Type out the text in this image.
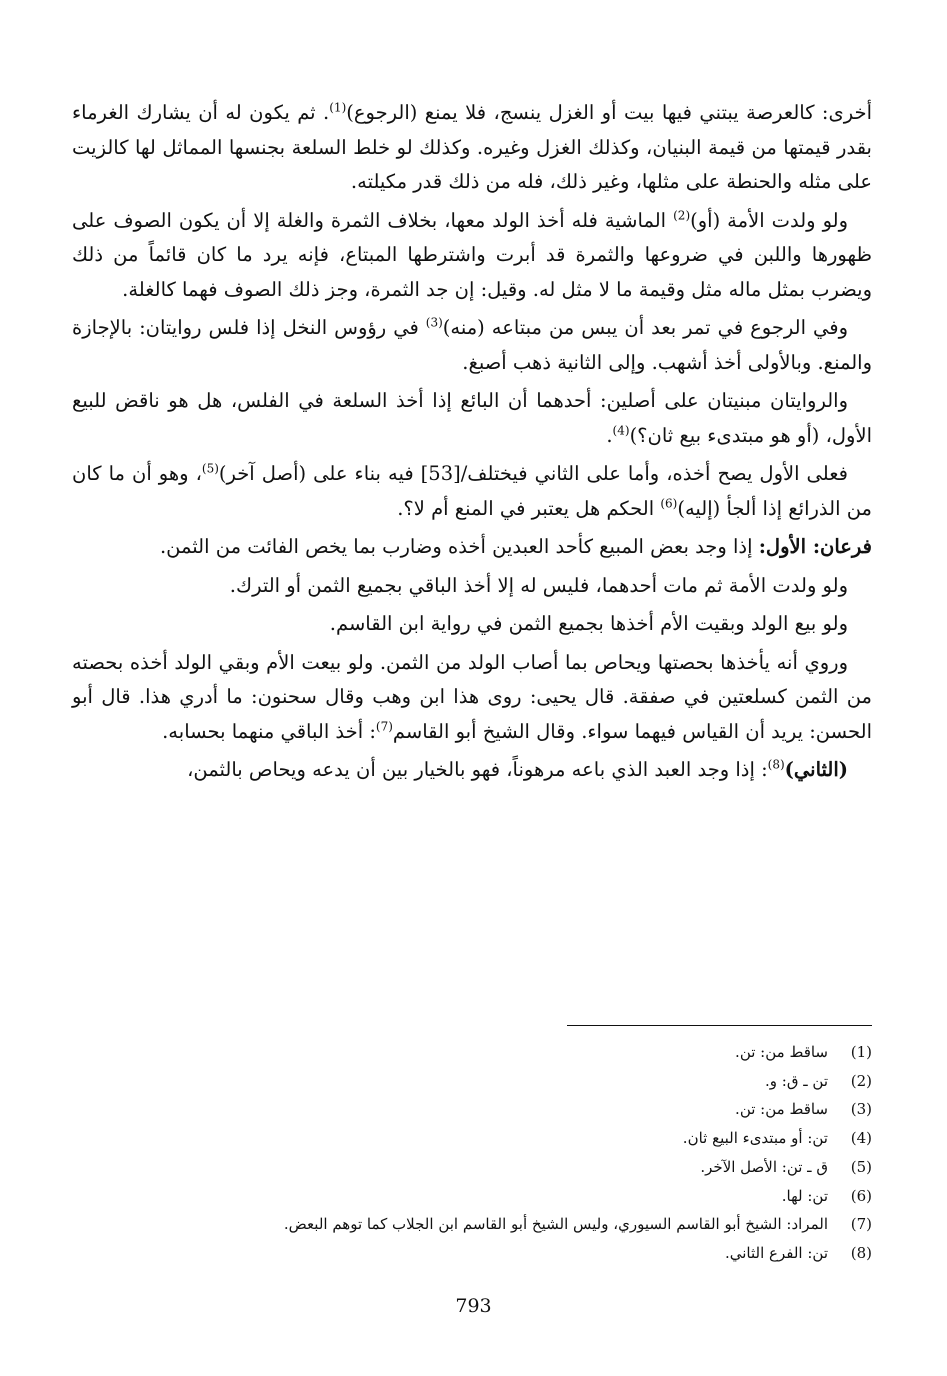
أخرى: كالعرصة يبتني فيها بيت أو الغزل ينسج، فلا يمنع (الرجوع)$^{(1)}$. ثم يكون له أن يشارك الغرماء بقدر قيمتها من قيمة البنيان، وكذلك الغزل وغيره. وكذلك لو خلط السلعة بجنسها المماثل لها كالزيت على مثله والحنطة على مثلها، وغير ذلك، فله من ذلك قدر مكيلته.

ولو ولدت الأمة (أو)$^{(2)}$ الماشية فله أخذ الولد معها، بخلاف الثمرة والغلة إلا أن يكون الصوف على ظهورها واللبن في ضروعها والثمرة قد أبرت واشترطها المبتاع، فإنه يرد ما كان قائماً من ذلك ويضرب بمثل ماله مثل وقيمة ما لا مثل له. وقيل: إن جد الثمرة، وجز ذلك الصوف فهما كالغلة.

وفي الرجوع في تمر بعد أن يبس من مبتاعه (منه)$^{(3)}$ في رؤوس النخل إذا فلس روايتان: بالإجازة والمنع. وبالأولى أخذ أشهب. وإلى الثانية ذهب أصبغ.

والروايتان مبنيتان على أصلين: أحدهما أن البائع إذا أخذ السلعة في الفلس، هل هو ناقض للبيع الأول، (أو هو مبتدىء بيع ثان؟)$^{(4)}$.

فعلى الأول يصح أخذه، وأما على الثاني فيختلف/[53] فيه بناء على (أصل آخر)$^{(5)}$، وهو أن ما كان من الذرائع إذا ألجأ (إليه)$^{(6)}$ الحكم هل يعتبر في المنع أم لا؟.

فرعان: الأول: إذا وجد بعض المبيع كأحد العبدين أخذه وضارب بما يخص الفائت من الثمن.

ولو ولدت الأمة ثم مات أحدهما، فليس له إلا أخذ الباقي بجميع الثمن أو الترك.

ولو بيع الولد وبقيت الأم أخذها بجميع الثمن في رواية ابن القاسم.

وروي أنه يأخذها بحصتها ويحاص بما أصاب الولد من الثمن. ولو بيعت الأم وبقي الولد أخذه بحصته من الثمن كسلعتين في صفقة. قال يحيى: روى هذا ابن وهب وقال سحنون: ما أدري هذا. قال أبو الحسن: يريد أن القياس فيهما سواء. وقال الشيخ أبو القاسم$^{(7)}$: أخذ الباقي منهما بحسابه.

(الثاني)$^{(8)}$: إذا وجد العبد الذي باعه مرهوناً، فهو بالخيار بين أن يدعه ويحاص بالثمن،

(1)ساقط من: تن.
(2)تن ـ ق: و.
(3)ساقط من: تن.
(4)تن: أو مبتدىء البيع ثان.
(5)ق ـ تن: الأصل الآخر.
(6)تن: لها.
(7)المراد: الشيخ أبو القاسم السيوري، وليس الشيخ أبو القاسم ابن الجلاب كما توهم البعض.
(8)تن: الفرع الثاني.
793
